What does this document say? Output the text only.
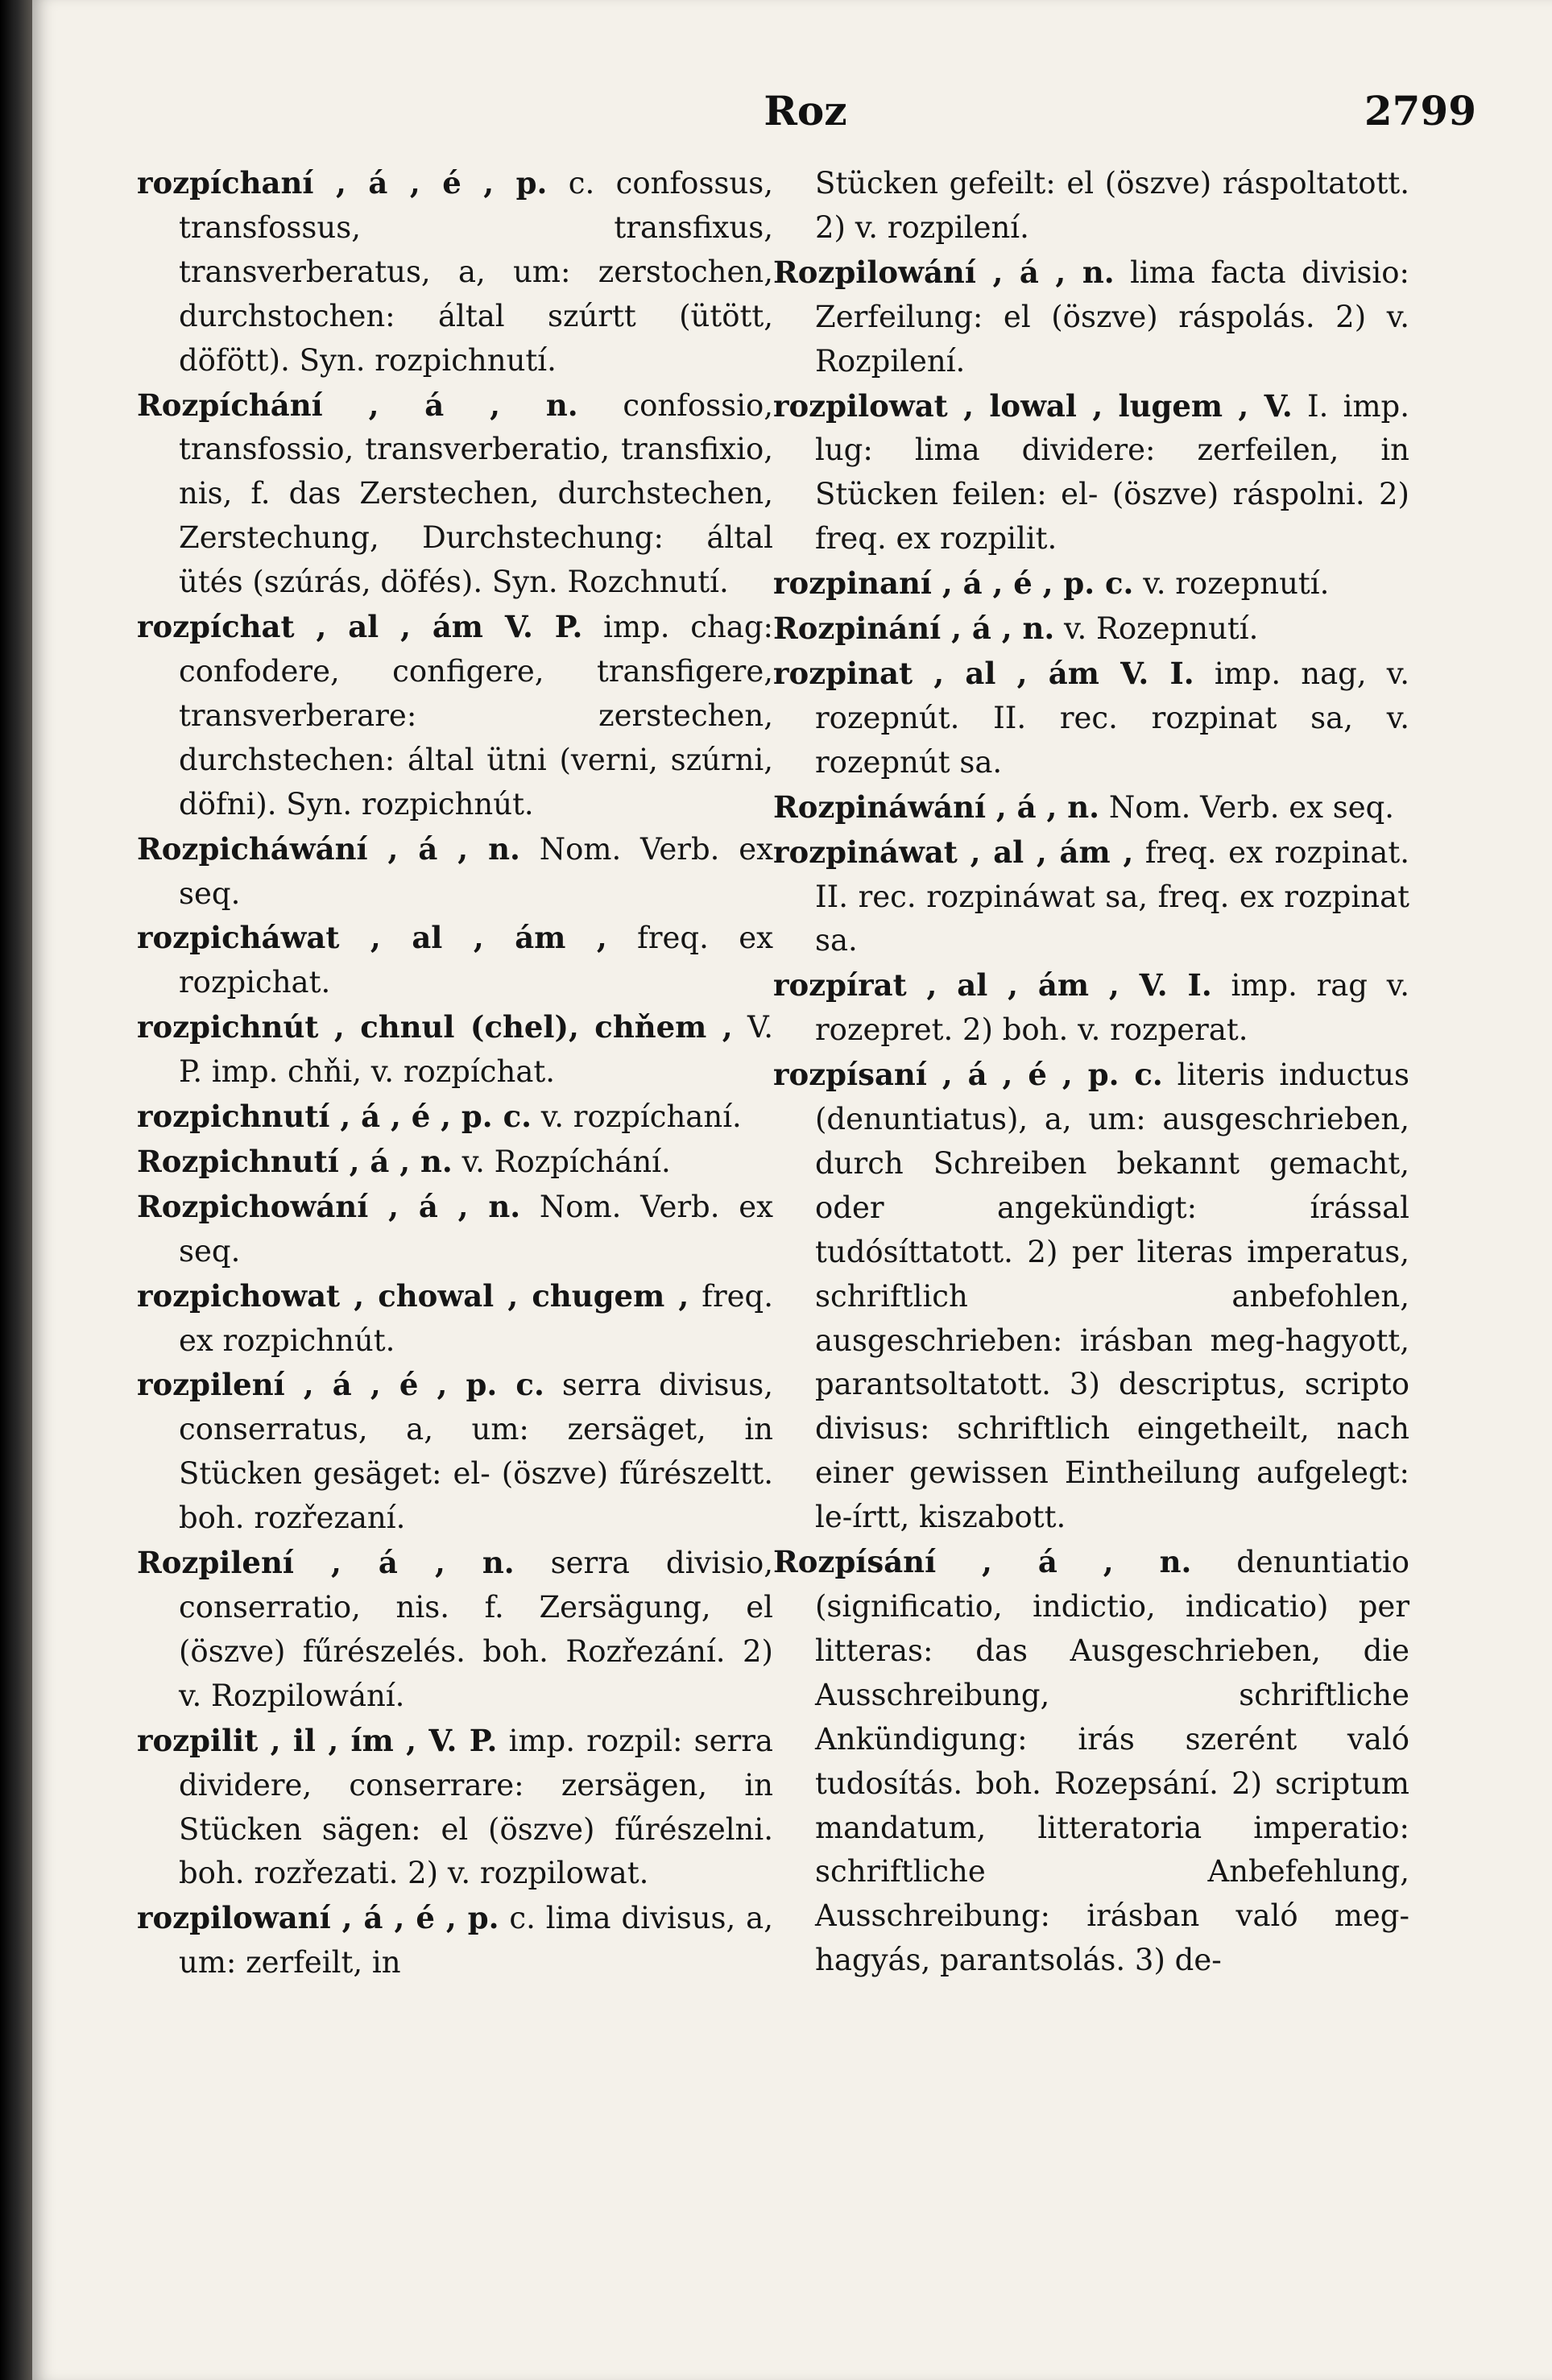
Roz	2799

rozpíchaní , á , é , p. c. confossus, transfossus, transfixus, transverberatus, a, um: zerstochen, durchstochen: által szúrtt (ütött, döfött). Syn. rozpichnutí.

Rozpíchání , á , n. confossio, transfossio, transverberatio, transfixio, nis, f. das Zerstechen, durchstechen, Zerstechung, Durchstechung: által ütés (szúrás, döfés). Syn. Rozchnutí.

rozpíchat , al , ám V. P. imp. chag: confodere, configere, transfigere, transverberare: zerstechen, durchstechen: által ütni (verni, szúrni, döfni). Syn. rozpichnút.

Rozpicháwání , á , n. Nom. Verb. ex seq.

rozpicháwat , al , ám , freq. ex rozpichat.

rozpichnút , chnul (chel), chňem , V. P. imp. chňi, v. rozpíchat.

rozpichnutí , á , é , p. c. v. rozpíchaní.

Rozpichnutí , á , n. v. Rozpíchání.

Rozpichowání , á , n. Nom. Verb. ex seq.

rozpichowat , chowal , chugem , freq. ex rozpichnút.

rozpilení , á , é , p. c. serra divisus, conserratus, a, um: zersäget, in Stücken gesäget: el- (öszve) fűrészeltt. boh. rozřezaní.

Rozpilení , á , n. serra divisio, conserratio, nis. f. Zersägung, el (öszve) fűrészelés. boh. Rozřezání. 2) v. Rozpilowání.

rozpilit , il , ím , V. P. imp. rozpil: serra dividere, conserrare: zersägen, in Stücken sägen: el (öszve) fűrészelni. boh. rozřezati. 2) v. rozpilowat.

rozpilowaní , á , é , p. c. lima divisus, a, um: zerfeilt, in

Stücken gefeilt: el (öszve) ráspoltatott. 2) v. rozpilení.

Rozpilowání , á , n. lima facta divisio: Zerfeilung: el (öszve) ráspolás. 2) v. Rozpilení.

rozpilowat , lowal , lugem , V. I. imp. lug: lima dividere: zerfeilen, in Stücken feilen: el- (öszve) ráspolni. 2) freq. ex rozpilit.

rozpinaní , á , é , p. c. v. rozepnutí.

Rozpinání , á , n. v. Rozepnutí.

rozpinat , al , ám V. I. imp. nag, v. rozepnút. II. rec. rozpinat sa, v. rozepnút sa.

Rozpináwání , á , n. Nom. Verb. ex seq.

rozpináwat , al , ám , freq. ex rozpinat. II. rec. rozpináwat sa, freq. ex rozpinat sa.

rozpírat , al , ám , V. I. imp. rag v. rozepret. 2) boh. v. rozperat.

rozpísaní , á , é , p. c. literis inductus (denuntiatus), a, um: ausgeschrieben, durch Schreiben bekannt gemacht, oder angekündigt: írással tudósíttatott. 2) per literas imperatus, schriftlich anbefohlen, ausgeschrieben: irásban meg-hagyott, parantsoltatott. 3) descriptus, scripto divisus: schriftlich eingetheilt, nach einer gewissen Eintheilung aufgelegt: le-írtt, kiszabott.

Rozpísání , á , n. denuntiatio (significatio, indictio, indicatio) per litteras: das Ausgeschrieben, die Ausschreibung, schriftliche Ankündigung: irás szerént való tudosítás. boh. Rozepsání. 2) scriptum mandatum, litteratoria imperatio: schriftliche Anbefehlung, Ausschreibung: irásban való meg-hagyás, parantsolás. 3) de-
